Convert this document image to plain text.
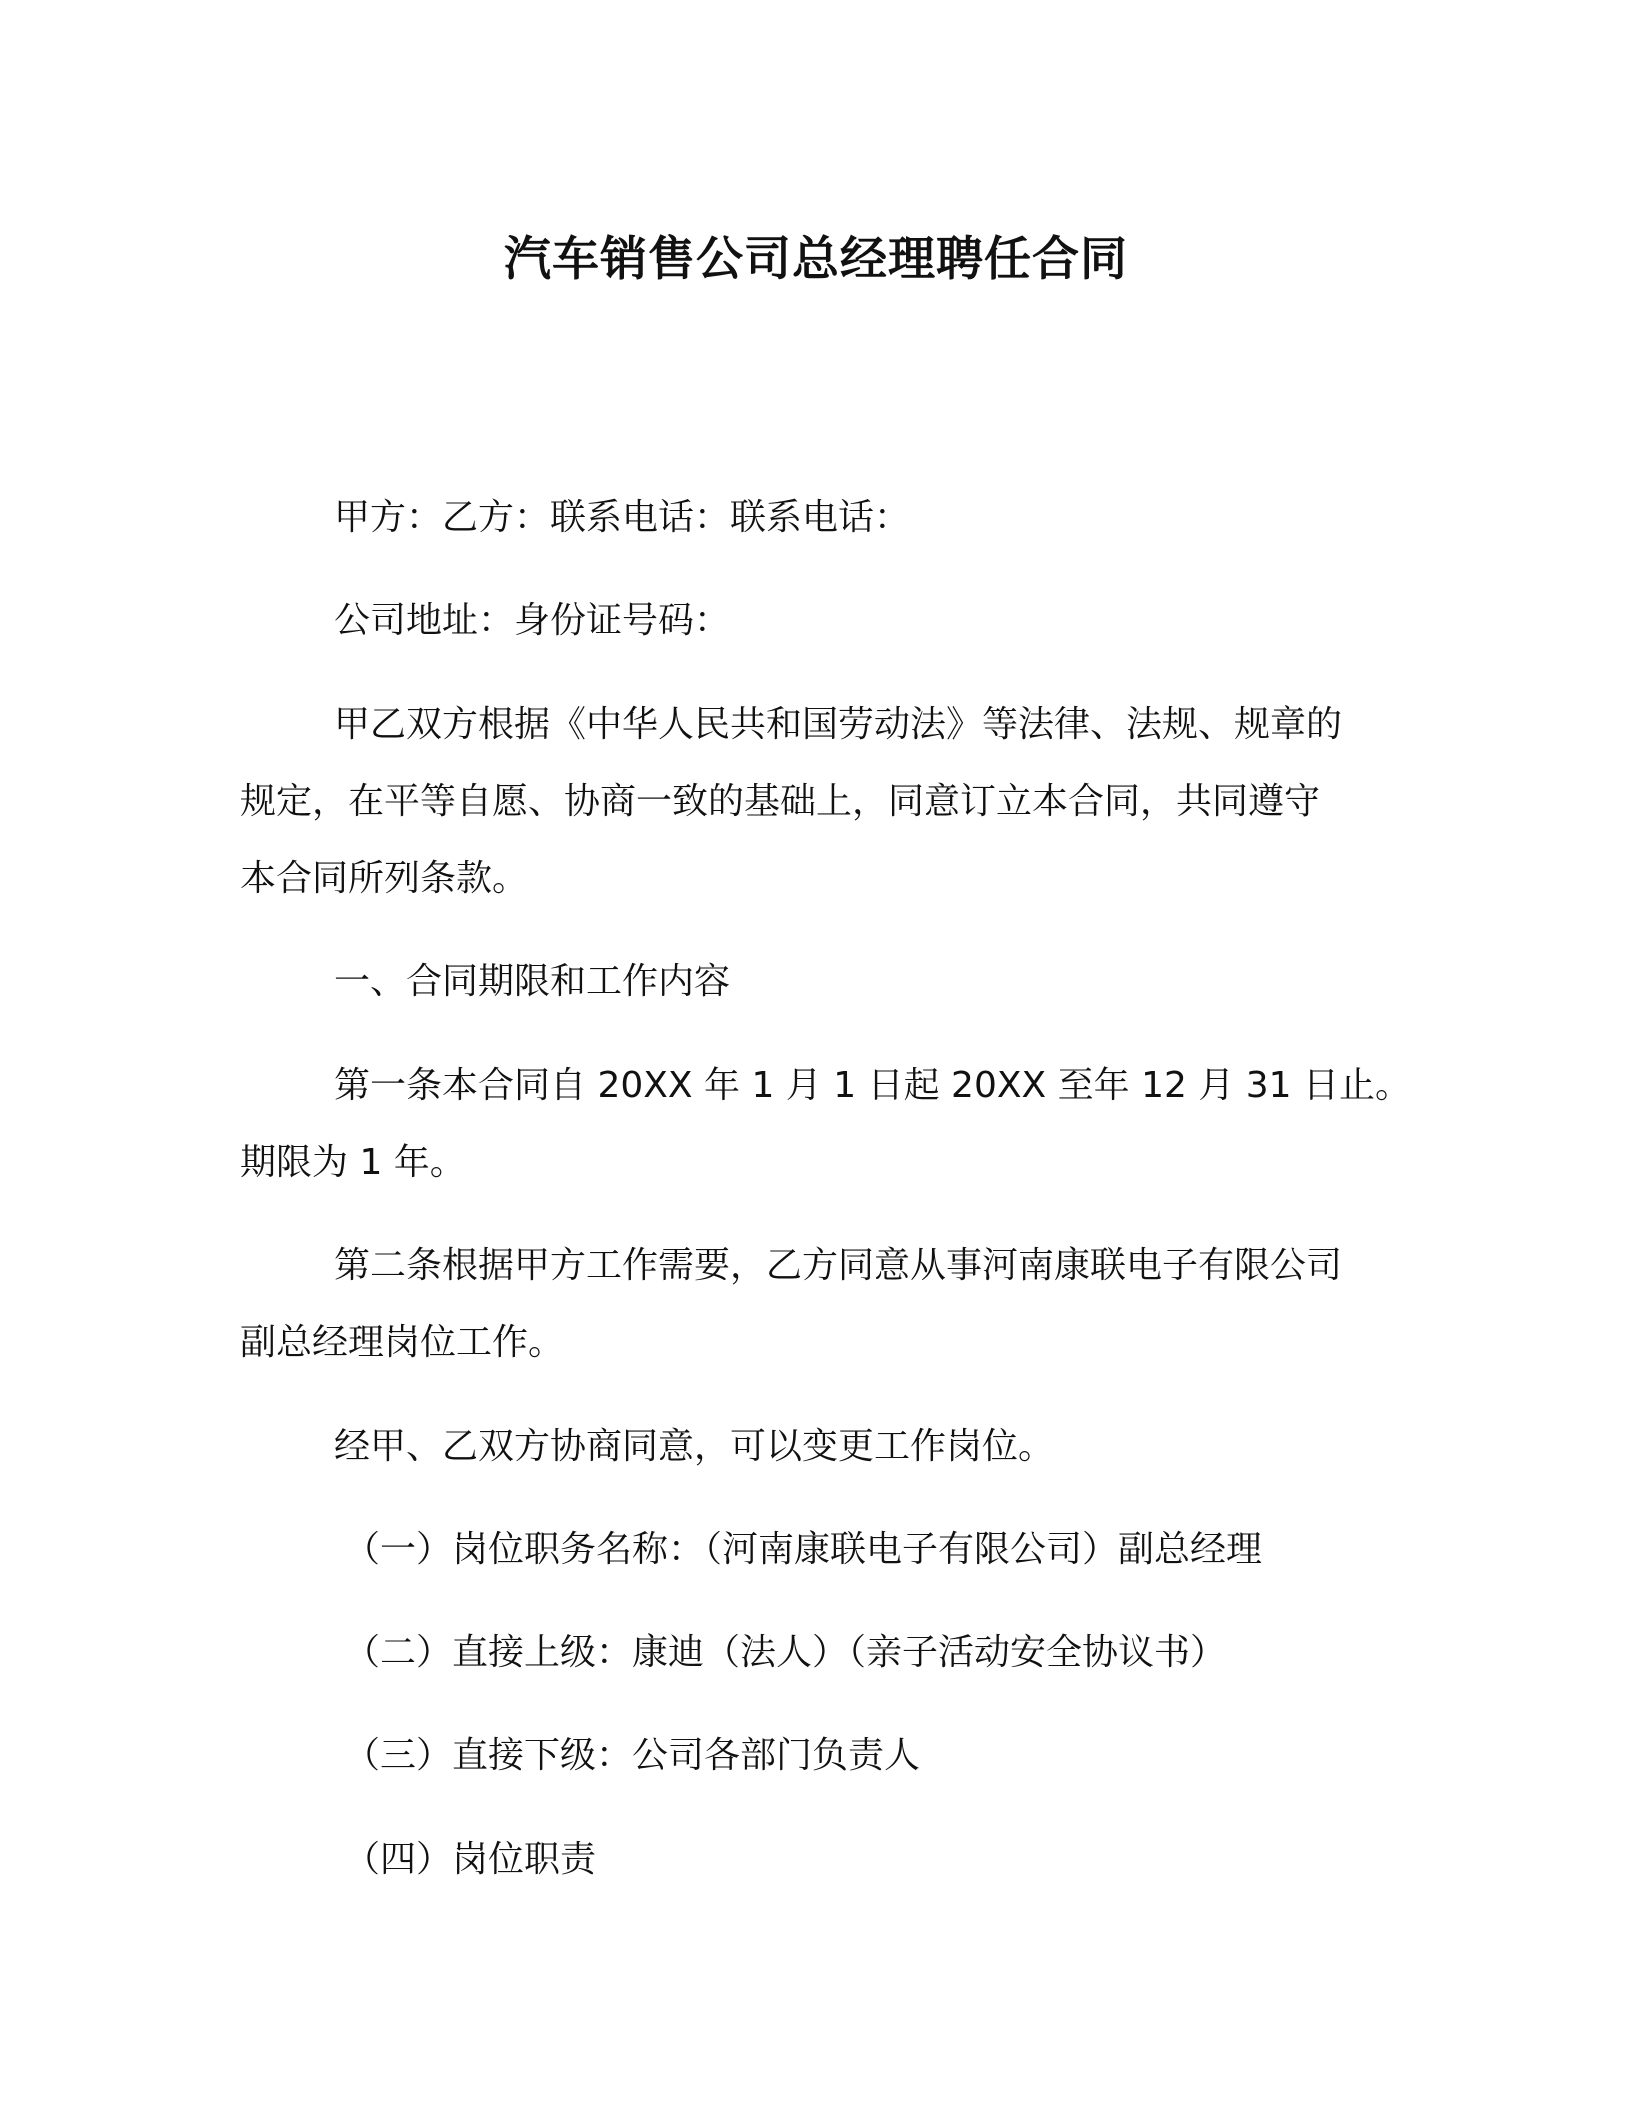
汽车销售公司总经理聘任合同

甲方：乙方：联系电话：联系电话：

公司地址：身份证号码：

甲乙双方根据《中华人民共和国劳动法》等法律、法规、规章的

规定，在平等自愿、协商一致的基础上，同意订立本合同，共同遵守

本合同所列条款。

一、合同期限和工作内容

第一条本合同自 20XX 年 1 月 1 日起 20XX 至年 12 月 31 日止。

期限为 1 年。

第二条根据甲方工作需要，乙方同意从事河南康联电子有限公司

副总经理岗位工作。

经甲、乙双方协商同意，可以变更工作岗位。

（一）岗位职务名称：（河南康联电子有限公司）副总经理

（二）直接上级：康迪（法人）（亲子活动安全协议书）

（三）直接下级：公司各部门负责人

（四）岗位职责
